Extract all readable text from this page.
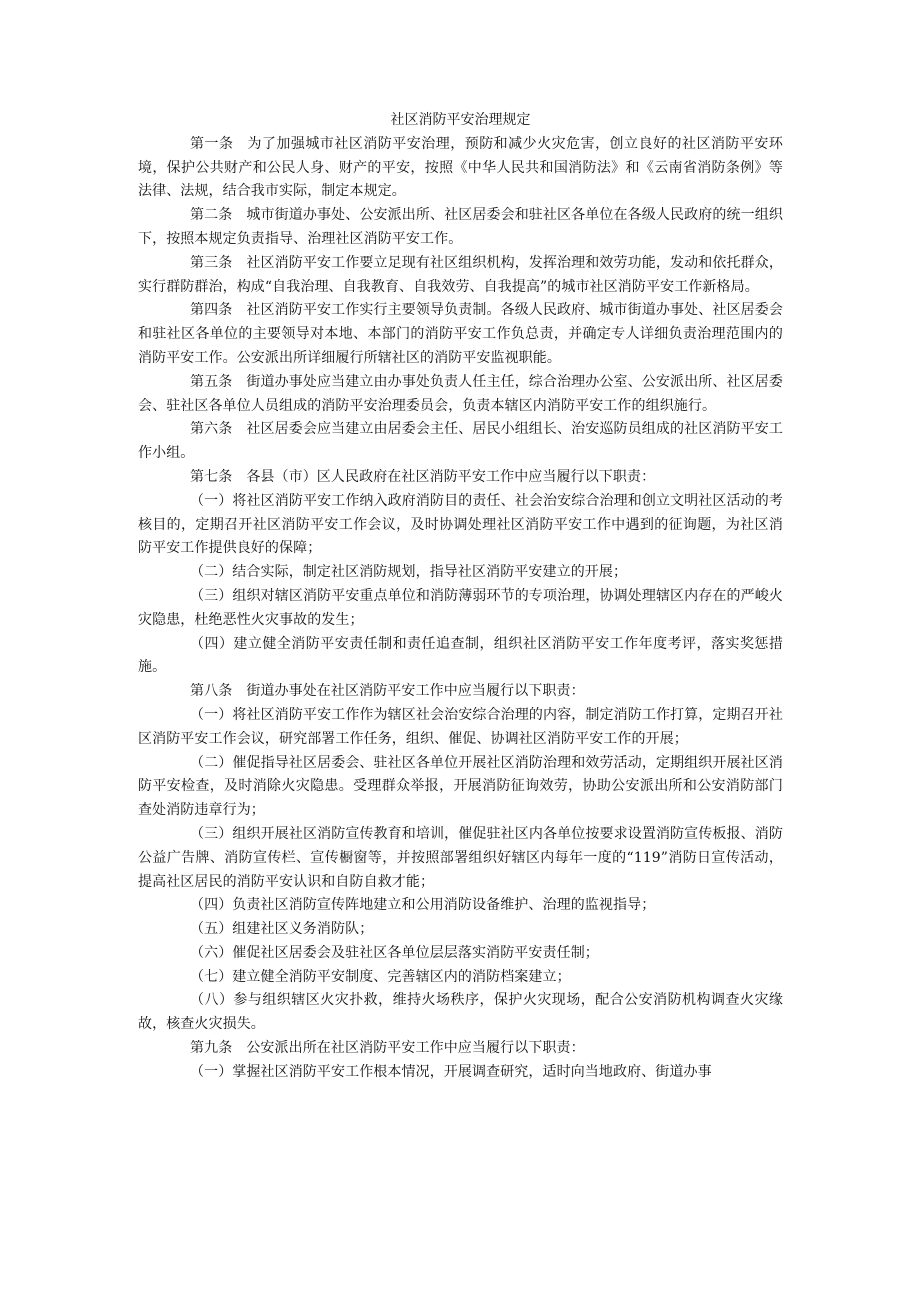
社区消防平安治理规定

第一条 为了加强城市社区消防平安治理，预防和减少火灾危害，创立良好的社区消防平安环境，保护公共财产和公民人身、财产的平安，按照《中华人民共和国消防法》和《云南省消防条例》等法律、法规，结合我市实际，制定本规定。

第二条 城市街道办事处、公安派出所、社区居委会和驻社区各单位在各级人民政府的统一组织下，按照本规定负责指导、治理社区消防平安工作。

第三条 社区消防平安工作要立足现有社区组织机构，发挥治理和效劳功能，发动和依托群众，实行群防群治，构成“自我治理、自我教育、自我效劳、自我提高”的城市社区消防平安工作新格局。

第四条 社区消防平安工作实行主要领导负责制。各级人民政府、城市街道办事处、社区居委会和驻社区各单位的主要领导对本地、本部门的消防平安工作负总责，并确定专人详细负责治理范围内的消防平安工作。公安派出所详细履行所辖社区的消防平安监视职能。

第五条 街道办事处应当建立由办事处负责人任主任，综合治理办公室、公安派出所、社区居委会、驻社区各单位人员组成的消防平安治理委员会，负责本辖区内消防平安工作的组织施行。

第六条 社区居委会应当建立由居委会主任、居民小组组长、治安巡防员组成的社区消防平安工作小组。

第七条 各县（市）区人民政府在社区消防平安工作中应当履行以下职责：

（一）将社区消防平安工作纳入政府消防目的责任、社会治安综合治理和创立文明社区活动的考核目的，定期召开社区消防平安工作会议，及时协调处理社区消防平安工作中遇到的征询题，为社区消防平安工作提供良好的保障；

（二）结合实际，制定社区消防规划，指导社区消防平安建立的开展；

（三）组织对辖区消防平安重点单位和消防薄弱环节的专项治理，协调处理辖区内存在的严峻火灾隐患，杜绝恶性火灾事故的发生；

（四）建立健全消防平安责任制和责任追查制，组织社区消防平安工作年度考评，落实奖惩措施。

第八条 街道办事处在社区消防平安工作中应当履行以下职责：

（一）将社区消防平安工作作为辖区社会治安综合治理的内容，制定消防工作打算，定期召开社区消防平安工作会议，研究部署工作任务，组织、催促、协调社区消防平安工作的开展；

（二）催促指导社区居委会、驻社区各单位开展社区消防治理和效劳活动，定期组织开展社区消防平安检查，及时消除火灾隐患。受理群众举报，开展消防征询效劳，协助公安派出所和公安消防部门查处消防违章行为；

（三）组织开展社区消防宣传教育和培训，催促驻社区内各单位按要求设置消防宣传板报、消防公益广告牌、消防宣传栏、宣传橱窗等，并按照部署组织好辖区内每年一度的“119”消防日宣传活动，提高社区居民的消防平安认识和自防自救才能；

（四）负责社区消防宣传阵地建立和公用消防设备维护、治理的监视指导；

（五）组建社区义务消防队；

（六）催促社区居委会及驻社区各单位层层落实消防平安责任制；

（七）建立健全消防平安制度、完善辖区内的消防档案建立；

（八）参与组织辖区火灾扑救，维持火场秩序，保护火灾现场，配合公安消防机构调查火灾缘故，核查火灾损失。

第九条 公安派出所在社区消防平安工作中应当履行以下职责：

（一）掌握社区消防平安工作根本情况，开展调查研究，适时向当地政府、街道办事
